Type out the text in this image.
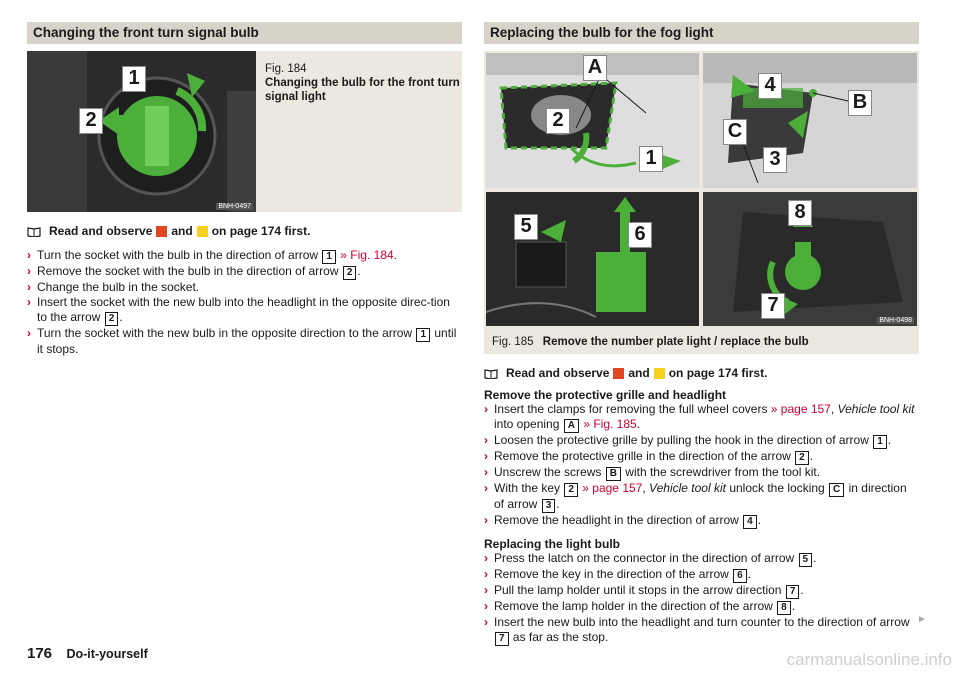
Changing the front turn signal bulb
1
2
BNH-0497
Fig. 184
Changing the bulb for the front turn signal light
Read and observe and on page 174 first.
› Turn the socket with the bulb in the direction of arrow 1 » Fig. 184.
› Remove the socket with the bulb in the direction of arrow 2 .
› Change the bulb in the socket.
› Insert the socket with the new bulb into the headlight in the opposite direc-tion to the arrow 2 .
› Turn the socket with the new bulb in the opposite direction to the arrow 1 until it stops.
Replacing the bulb for the fog light
A
2
1
4
B
C
3
5	6
8
7
BNH-0498
Fig. 185 Remove the number plate light / replace the bulb
Read and observe and on page 174 first.
Remove the protective grille and headlight
› Insert the clamps for removing the full wheel covers » page 157, Vehicle tool kit into opening A » Fig. 185.
› Loosen the protective grille by pulling the hook in the direction of arrow 1 .
› Remove the protective grille in the direction of the arrow 2 .
› Unscrew the screws B with the screwdriver from the tool kit.
› With the key 2 » page 157, Vehicle tool kit unlock the locking C in direction of arrow 3 .
› Remove the headlight in the direction of arrow 4 .
Replacing the light bulb
› Press the latch on the connector in the direction of arrow 5 .
› Remove the key in the direction of the arrow 6 .
› Pull the lamp holder until it stops in the arrow direction 7 .
› Remove the lamp holder in the direction of the arrow 8 .
› Insert the new bulb into the headlight and turn counter to the direction of arrow 7 as far as the stop.
►
176 Do-it-yourself	carmanualsonline.info
